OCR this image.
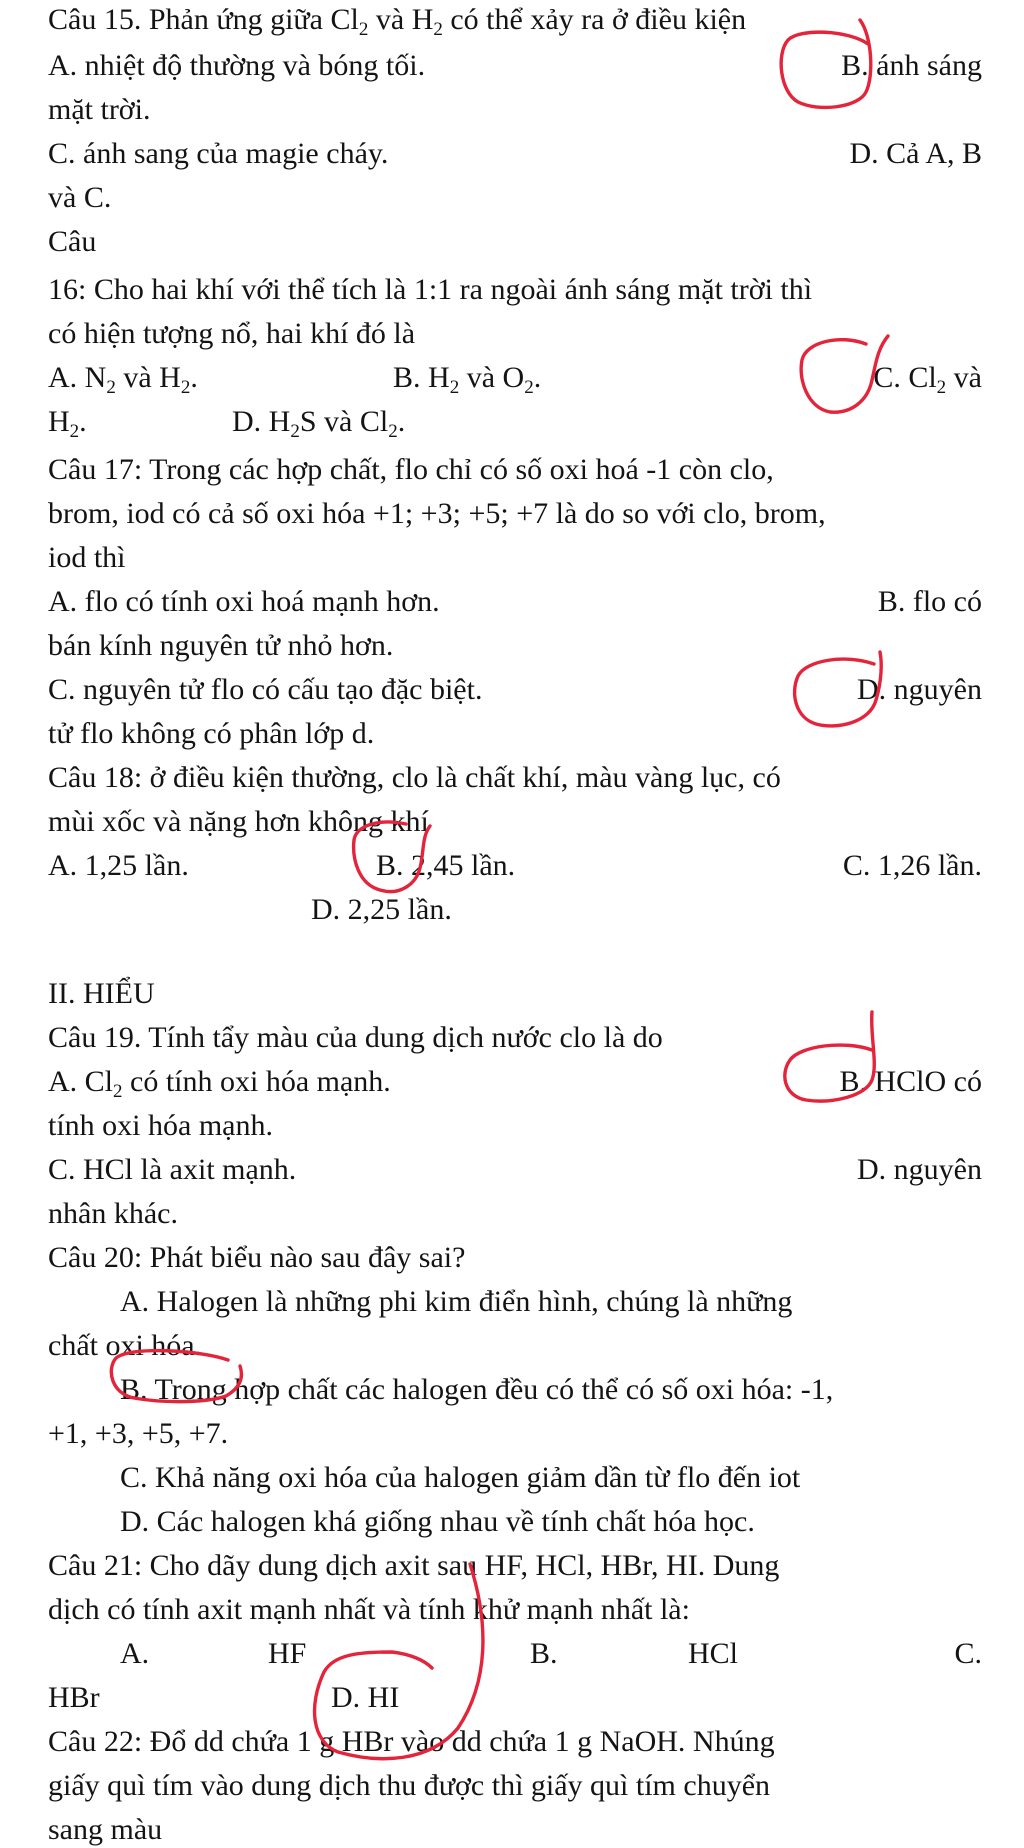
Câu 15. Phản ứng giữa $Cl_2$ và $H_2$ có thể xảy ra ở điều kiện
A. nhiệt độ thường và bóng tối.	B. ánh sáng
mặt trời.
C. ánh sang của magie cháy.	D. Cả A, B
và C.
Câu
16: Cho hai khí với thể tích là 1:1 ra ngoài ánh sáng mặt trời thì
có hiện tượng nổ, hai khí đó là
A. $N_2$ và $H_2$.	B. $H_2$ và $O_2$.	C. $Cl_2$ và
$H_2$.	D. $H_2S$ và $Cl_2$.
Câu 17: Trong các hợp chất, flo chỉ có số oxi hoá -1 còn clo,
brom, iod có cả số oxi hóa +1; +3; +5; +7 là do so với clo, brom,
iod thì
A. flo có tính oxi hoá mạnh hơn.	B. flo có
bán kính nguyên tử nhỏ hơn.
C. nguyên tử flo có cấu tạo đặc biệt.	D. nguyên
tử flo không có phân lớp d.
Câu 18: ở điều kiện thường, clo là chất khí, màu vàng lục, có
mùi xốc và nặng hơn không khí
A. 1,25 lần.	B. 2,45 lần.	C. 1,26 lần.
D. 2,25 lần.
II. HIỂU
Câu 19. Tính tẩy màu của dung dịch nước clo là do
A. $Cl_2$ có tính oxi hóa mạnh.	B. HClO có
tính oxi hóa mạnh.
C. HCl là axit mạnh.	D. nguyên
nhân khác.
Câu 20: Phát biểu nào sau đây sai?
A. Halogen là những phi kim điển hình, chúng là những
chất oxi hóa.
B. Trong hợp chất các halogen đều có thể có số oxi hóa: -1,
+1, +3, +5, +7.
C. Khả năng oxi hóa của halogen giảm dần từ flo đến iot
D. Các halogen khá giống nhau về tính chất hóa học.
Câu 21: Cho dãy dung dịch axit sau HF, HCl, HBr, HI. Dung
dịch có tính axit mạnh nhất và tính khử mạnh nhất là:
A.	HF	B.	HCl	C.
HBr	D. HI
Câu 22: Đổ dd chứa 1 g HBr vào dd chứa 1 g NaOH. Nhúng
giấy quì tím vào dung dịch thu được thì giấy quì tím chuyển
sang màu
